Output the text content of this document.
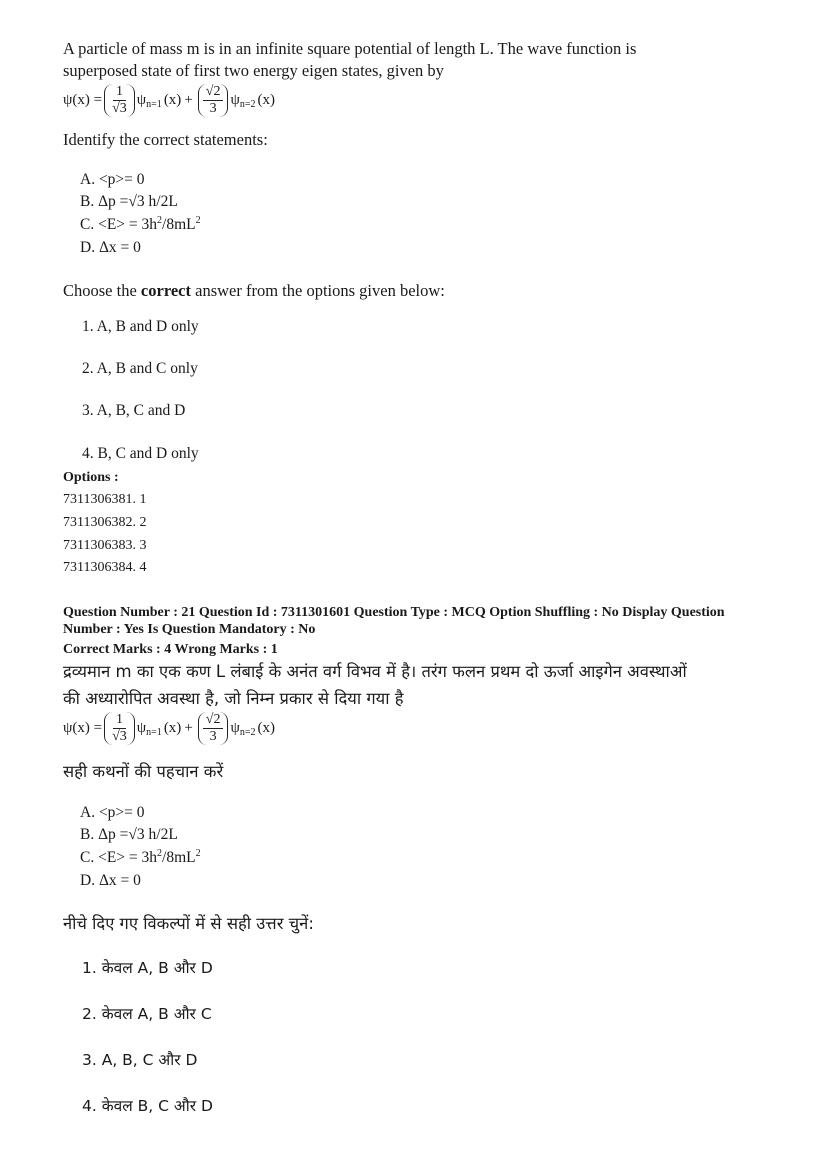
A particle of mass m is in an infinite square potential of length L. The wave function is
superposed state of first two energy eigen states, given by
$\psi(x) = \frac{1}{√3}$ ψ n=1 $(x) + \frac{√2}{3}$ ψ n=2 (x)
Identify the correct statements:
A. <p>= 0
B. Δp =√3 h/2L
C. $<E> = 3h^2/8mL^2$
D. Δx = 0
Choose the correct answer from the options given below:
1. A, B and D only
2. A, B and C only
3. A, B, C and D
4. B, C and D only
Options :
7311306381. 1
7311306382. 2
7311306383. 3
7311306384. 4
Question Number : 21 Question Id : 7311301601 Question Type : MCQ Option Shuffling : No Display Question
Number : Yes Is Question Mandatory : No
Correct Marks : 4 Wrong Marks : 1
द्रव्यमान m का एक कण L लंबाई के अनंत वर्ग विभव में है। तरंग फलन प्रथम दो ऊर्जा आइगेन अवस्थाओं
की अध्यारोपित अवस्था है, जो निम्न प्रकार से दिया गया है
$\psi(x) = \frac{1}{√3}$ ψ n=1 $(x) + \frac{√2}{3}$ ψ n=2 (x)
सही कथनों की पहचान करें
A. <p>= 0
B. Δp =√3 h/2L
C. $<E> = 3h^2/8mL^2$
D. Δx = 0
नीचे दिए गए विकल्पों में से सही उत्तर चुनें:
1. केवल A, B और D
2. केवल A, B और C
3. A, B, C और D
4. केवल B, C और D
